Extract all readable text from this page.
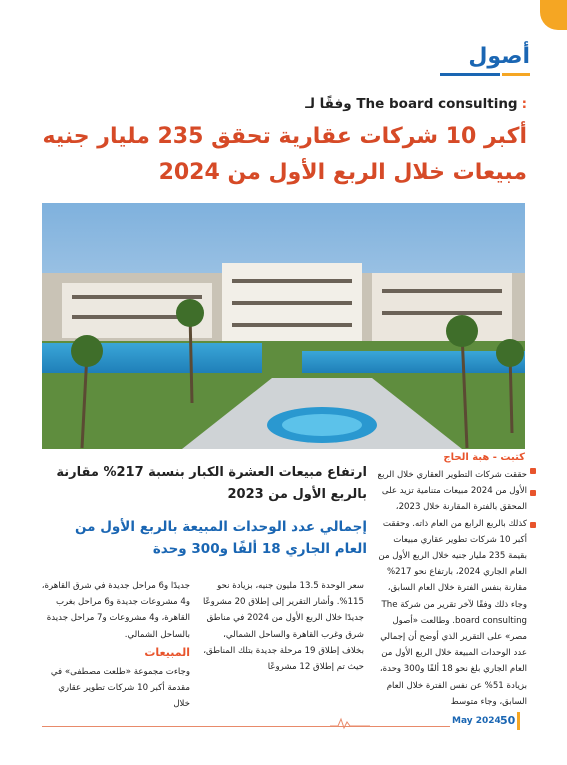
أصول
:The board consulting وفقًا لـ
أكبر 10 شركات عقارية تحقق 235 مليار جنيه
مبيعات خلال الربع الأول من 2024
كتبت - هبة الحاج
ارتفاع مبيعات العشرة الكبار بنسبة 217% مقارنة بالربع الأول من 2023
إجمالي عدد الوحدات المبيعة بالربع الأول من العام الجاري 18 ألفًا و300 وحدة
حققت شركات التطوير العقاري خلال الربع الأول من 2024 مبيعات متنامية تزيد على المحقق بالفترة المقارنة خلال 2023، كذلك بالربع الرابع من العام ذاته. وحققت أكبر 10 شركات تطوير عقاري مبيعات بقيمة 235 مليار جنيه خلال الربع الأول من العام الجاري 2024، بارتفاع نحو 217% مقارنة بنفس الفترة خلال العام السابق، وجاء ذلك وفقًا لآخر تقرير من شركة The board consulting. وطالعت «أصول مصر» على التقرير الذي أوضح أن إجمالي عدد الوحدات المبيعة خلال الربع الأول من العام الجاري بلغ نحو 18 ألفًا و300 وحدة، بزيادة 51% عن نفس الفترة خلال العام السابق، وجاء متوسط
سعر الوحدة 13.5 مليون جنيه، بزيادة نحو 115%. وأشار التقرير إلى إطلاق 20 مشروعًا جديدًا خلال الربع الأول من 2024 في مناطق شرق وغرب القاهرة والساحل الشمالي، بخلاف إطلاق 19 مرحلة جديدة بتلك المناطق، حيث تم إطلاق 12 مشروعًا
جديدًا و6 مراحل جديدة في شرق القاهرة، و4 مشروعات جديدة و6 مراحل بغرب القاهرة، و4 مشروعات و7 مراحل جديدة بالساحل الشمالي.
المبيعات
وجاءت مجموعة «طلعت مصطفى» في مقدمة أكبر 10 شركات تطوير عقاري خلال
May 2024 50
